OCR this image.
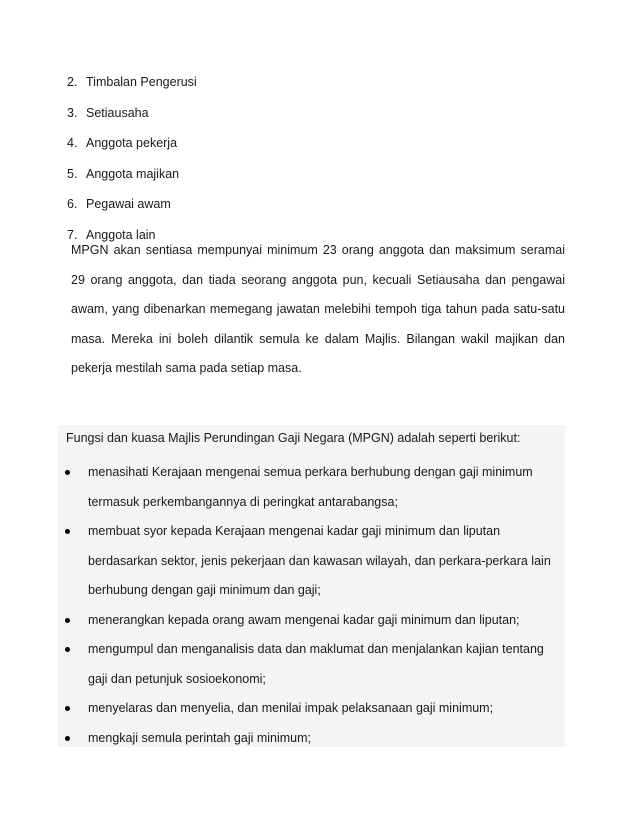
2. Timbalan Pengerusi
3. Setiausaha
4. Anggota pekerja
5. Anggota majikan
6. Pegawai awam
7. Anggota lain

MPGN akan sentiasa mempunyai minimum 23 orang anggota dan maksimum seramai 29 orang anggota, dan tiada seorang anggota pun, kecuali Setiausaha dan pengawai awam, yang dibenarkan memegang jawatan melebihi tempoh tiga tahun pada satu-satu masa. Mereka ini boleh dilantik semula ke dalam Majlis. Bilangan wakil majikan dan pekerja mestilah sama pada setiap masa.

Fungsi dan kuasa Majlis Perundingan Gaji Negara (MPGN) adalah seperti berikut:

menasihati Kerajaan mengenai semua perkara berhubung dengan gaji minimum termasuk perkembangannya di peringkat antarabangsa;
membuat syor kepada Kerajaan mengenai kadar gaji minimum dan liputan berdasarkan sektor, jenis pekerjaan dan kawasan wilayah, dan perkara-perkara lain berhubung dengan gaji minimum dan gaji;
menerangkan kepada orang awam mengenai kadar gaji minimum dan liputan;
mengumpul dan menganalisis data dan maklumat dan menjalankan kajian tentang gaji dan petunjuk sosioekonomi;
menyelaras dan menyelia, dan menilai impak pelaksanaan gaji minimum;
mengkaji semula perintah gaji minimum;
